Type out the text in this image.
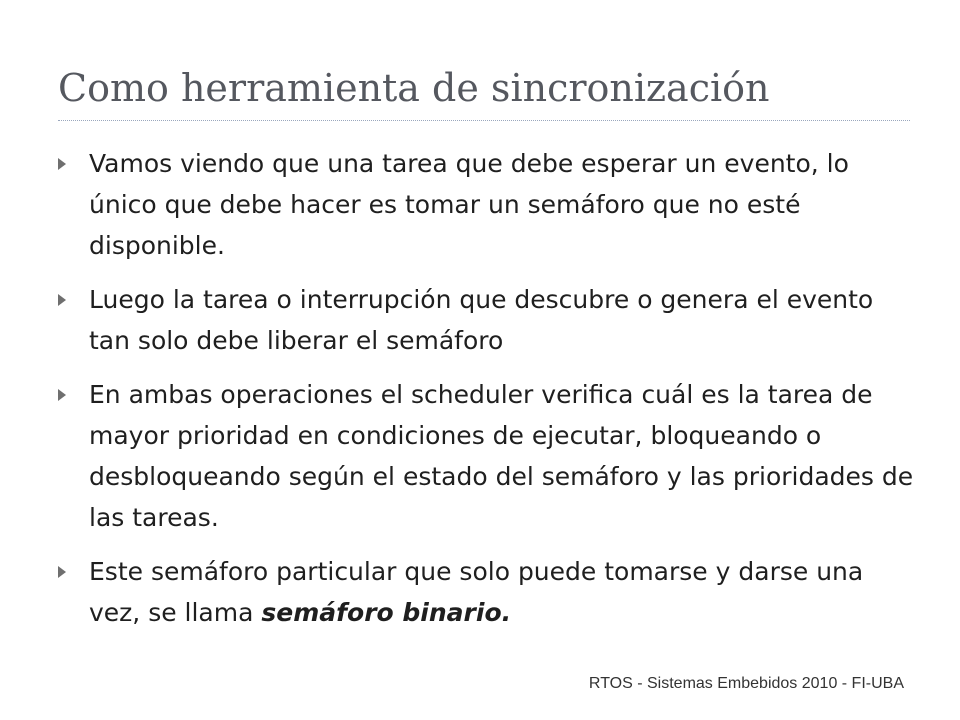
Como herramienta de sincronización
Vamos viendo que una tarea que debe esperar un evento, lo único que debe hacer es tomar un semáforo que no esté disponible.
Luego la tarea o interrupción que descubre o genera el evento tan solo debe liberar el semáforo
En ambas operaciones el scheduler verifica cuál es la tarea de mayor prioridad en condiciones de ejecutar, bloqueando o desbloqueando según el estado del semáforo y las prioridades de las tareas.
Este semáforo particular que solo puede tomarse y darse una vez, se llama semáforo binario.
RTOS - Sistemas Embebidos 2010 - FI-UBA
